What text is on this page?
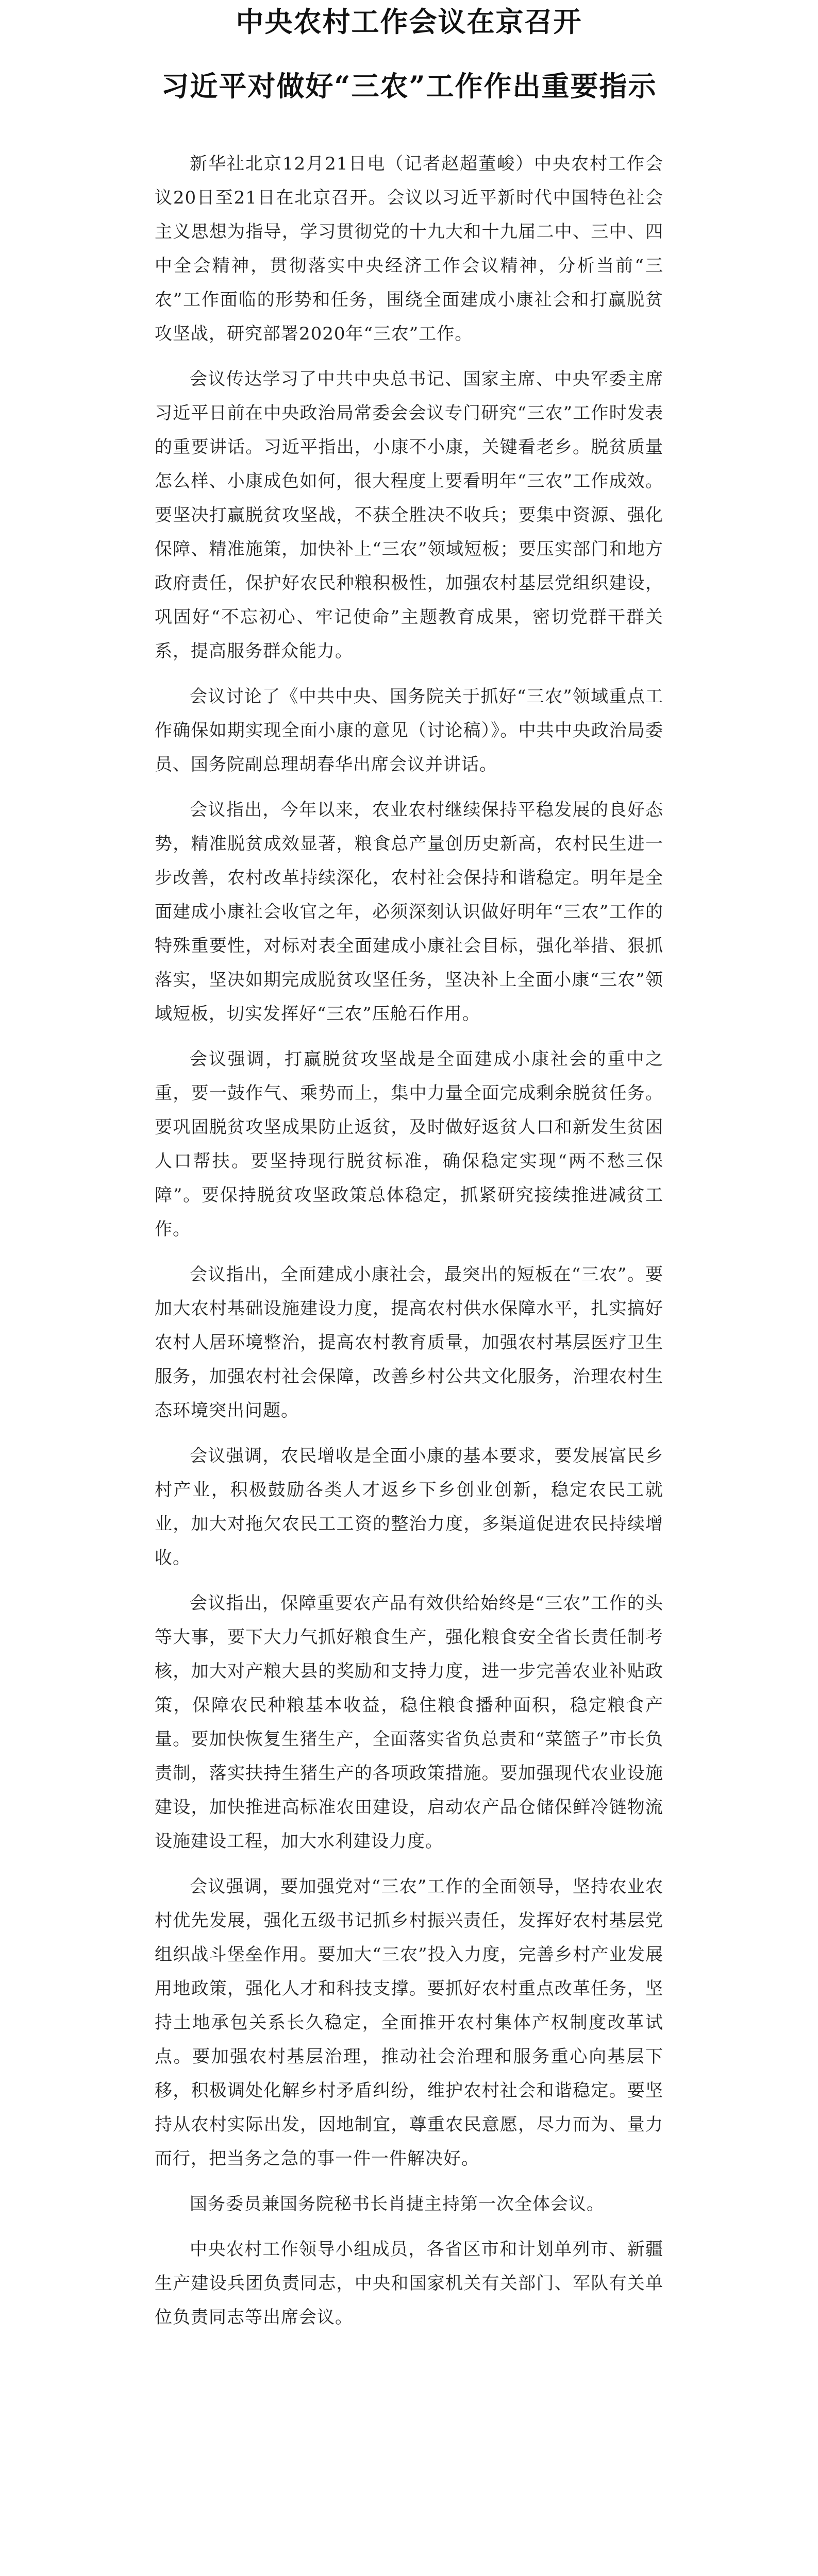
中央农村工作会议在京召开
习近平对做好“三农”工作作出重要指示

新华社北京12月21日电（记者赵超董峻）中央农村工作会议20日至21日在北京召开。会议以习近平新时代中国特色社会主义思想为指导，学习贯彻党的十九大和十九届二中、三中、四中全会精神，贯彻落实中央经济工作会议精神，分析当前“三农”工作面临的形势和任务，围绕全面建成小康社会和打赢脱贫攻坚战，研究部署2020年“三农”工作。

会议传达学习了中共中央总书记、国家主席、中央军委主席习近平日前在中央政治局常委会会议专门研究“三农”工作时发表的重要讲话。习近平指出，小康不小康，关键看老乡。脱贫质量怎么样、小康成色如何，很大程度上要看明年“三农”工作成效。要坚决打赢脱贫攻坚战，不获全胜决不收兵；要集中资源、强化保障、精准施策，加快补上“三农”领域短板；要压实部门和地方政府责任，保护好农民种粮积极性，加强农村基层党组织建设，巩固好“不忘初心、牢记使命”主题教育成果，密切党群干群关系，提高服务群众能力。

会议讨论了《中共中央、国务院关于抓好“三农”领域重点工作确保如期实现全面小康的意见（讨论稿）》。中共中央政治局委员、国务院副总理胡春华出席会议并讲话。

会议指出，今年以来，农业农村继续保持平稳发展的良好态势，精准脱贫成效显著，粮食总产量创历史新高，农村民生进一步改善，农村改革持续深化，农村社会保持和谐稳定。明年是全面建成小康社会收官之年，必须深刻认识做好明年“三农”工作的特殊重要性，对标对表全面建成小康社会目标，强化举措、狠抓落实，坚决如期完成脱贫攻坚任务，坚决补上全面小康“三农”领域短板，切实发挥好“三农”压舱石作用。

会议强调，打赢脱贫攻坚战是全面建成小康社会的重中之重，要一鼓作气、乘势而上，集中力量全面完成剩余脱贫任务。要巩固脱贫攻坚成果防止返贫，及时做好返贫人口和新发生贫困人口帮扶。要坚持现行脱贫标准，确保稳定实现“两不愁三保障”。要保持脱贫攻坚政策总体稳定，抓紧研究接续推进减贫工作。

会议指出，全面建成小康社会，最突出的短板在“三农”。要加大农村基础设施建设力度，提高农村供水保障水平，扎实搞好农村人居环境整治，提高农村教育质量，加强农村基层医疗卫生服务，加强农村社会保障，改善乡村公共文化服务，治理农村生态环境突出问题。

会议强调，农民增收是全面小康的基本要求，要发展富民乡村产业，积极鼓励各类人才返乡下乡创业创新，稳定农民工就业，加大对拖欠农民工工资的整治力度，多渠道促进农民持续增收。

会议指出，保障重要农产品有效供给始终是“三农”工作的头等大事，要下大力气抓好粮食生产，强化粮食安全省长责任制考核，加大对产粮大县的奖励和支持力度，进一步完善农业补贴政策，保障农民种粮基本收益，稳住粮食播种面积，稳定粮食产量。要加快恢复生猪生产，全面落实省负总责和“菜篮子”市长负责制，落实扶持生猪生产的各项政策措施。要加强现代农业设施建设，加快推进高标准农田建设，启动农产品仓储保鲜冷链物流设施建设工程，加大水利建设力度。

会议强调，要加强党对“三农”工作的全面领导，坚持农业农村优先发展，强化五级书记抓乡村振兴责任，发挥好农村基层党组织战斗堡垒作用。要加大“三农”投入力度，完善乡村产业发展用地政策，强化人才和科技支撑。要抓好农村重点改革任务，坚持土地承包关系长久稳定，全面推开农村集体产权制度改革试点。要加强农村基层治理，推动社会治理和服务重心向基层下移，积极调处化解乡村矛盾纠纷，维护农村社会和谐稳定。要坚持从农村实际出发，因地制宜，尊重农民意愿，尽力而为、量力而行，把当务之急的事一件一件解决好。

国务委员兼国务院秘书长肖捷主持第一次全体会议。

中央农村工作领导小组成员，各省区市和计划单列市、新疆生产建设兵团负责同志，中央和国家机关有关部门、军队有关单位负责同志等出席会议。
